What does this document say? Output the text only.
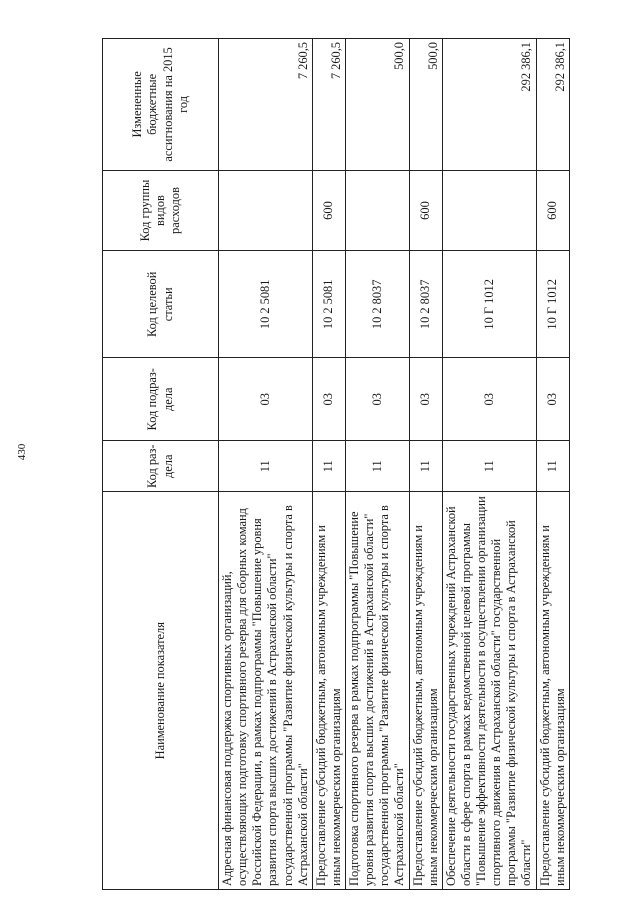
430
Наименование показателя	Код раз- дела	Код подраз- дела	Код целевой статьи	Код группы видов расходов	Измененные бюджетные ассигнования на 2015 год
Адресная финансовая поддержка спортивных организаций, осуществляющих подготовку спортивного резерва для сборных команд Российской Федерации, в рамках подпрограммы "Повышение уровня развития спорта высших достижений в Астраханской области" государственной программы "Развитие физической культуры и спорта в Астраханской области"	11	03	10 2 5081		7 260,5
Предоставление субсидий бюджетным, автономным учреждениям и иным некоммерческим организациям	11	03	10 2 5081	600	7 260,5
Подготовка спортивного резерва в рамках подпрограммы "Повышение уровня развития спорта высших достижений в Астраханской области" государственной программы "Развитие физической культуры и спорта в Астраханской области"	11	03	10 2 8037		500,0
Предоставление субсидий бюджетным, автономным учреждениям и иным некоммерческим организациям	11	03	10 2 8037	600	500,0
Обеспечение деятельности государственных учреждений Астраханской области в сфере спорта в рамках ведомственной целевой программы "Повышение эффективности деятельности в осуществлении организации спортивного движения в Астраханской области" государственной программы "Развитие физической культуры и спорта в Астраханской области"	11	03	10 Г 1012		292 386,1
Предоставление субсидий бюджетным, автономным учреждениям и иным некоммерческим организациям	11	03	10 Г 1012	600	292 386,1
